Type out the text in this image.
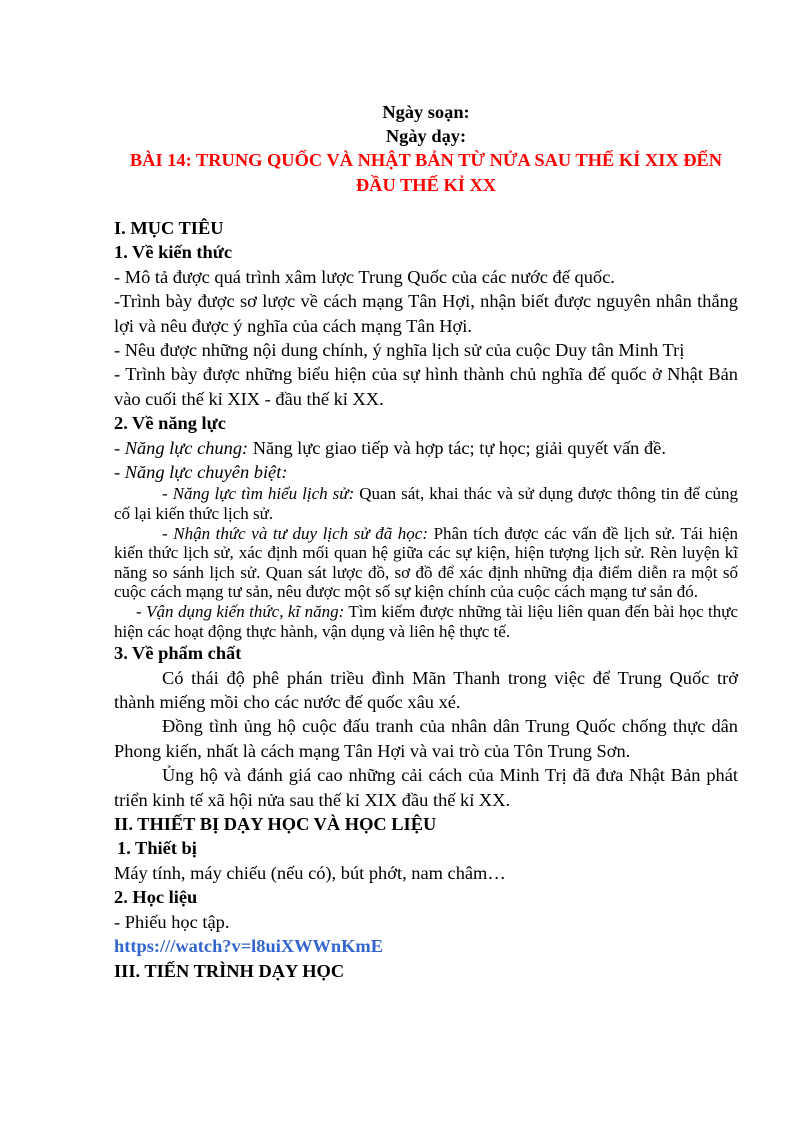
Ngày soạn:
Ngày dạy:
BÀI 14: TRUNG QUỐC VÀ NHẬT BẢN TỪ NỬA SAU THẾ KỈ XIX ĐẾN
ĐẦU THẾ KỈ XX

I. MỤC TIÊU

1. Về kiến thức

- Mô tả được quá trình xâm lược Trung Quốc của các nước đế quốc.

-Trình bày được sơ lược về cách mạng Tân Hợi, nhận biết được nguyên nhân thắng lợi và nêu được ý nghĩa của cách mạng Tân Hợi.

- Nêu được những nội dung chính, ý nghĩa lịch sử của cuộc Duy tân Minh Trị

- Trình bày được những biểu hiện của sự hình thành chủ nghĩa đế quốc ở Nhật Bản vào cuối thế kỉ XIX - đầu thế kỉ XX.

2. Về năng lực

- Năng lực chung: Năng lực giao tiếp và hợp tác; tự học; giải quyết vấn đề.

- Năng lực chuyên biệt:

- Năng lực tìm hiểu lịch sử: Quan sát, khai thác và sử dụng được thông tin để củng cố lại kiến thức lịch sử.

- Nhận thức và tư duy lịch sử đã học: Phân tích được các vấn đề lịch sử. Tái hiện kiến thức lịch sử, xác định mối quan hệ giữa các sự kiện, hiện tượng lịch sử. Rèn luyện kĩ năng so sánh lịch sử. Quan sát lược đồ, sơ đồ để xác định những địa điểm diễn ra một số cuộc cách mạng tư sản, nêu được một số sự kiện chính của cuộc cách mạng tư sản đó.

- Vận dụng kiến thức, kĩ năng: Tìm kiếm được những tài liệu liên quan đến bài học thực hiện các hoạt động thực hành, vận dụng và liên hệ thực tế.

3. Về phẩm chất

Có thái độ phê phán triều đình Mãn Thanh trong việc để Trung Quốc trở thành miếng mồi cho các nước đế quốc xâu xé.

Đồng tình ủng hộ cuộc đấu tranh của nhân dân Trung Quốc chống thực dân Phong kiến, nhất là cách mạng Tân Hợi và vai trò của Tôn Trung Sơn.

Ủng hộ và đánh giá cao những cải cách của Minh Trị đã đưa Nhật Bản phát triển kinh tế xã hội nửa sau thế kỉ XIX đầu thế kỉ XX.

II. THIẾT BỊ DẠY HỌC VÀ HỌC LIỆU

1. Thiết bị

Máy tính, máy chiếu (nếu có), bút phớt, nam châm…

2. Học liệu

- Phiếu học tập.

https:///watch?v=l8uiXWWnKmE

III. TIẾN TRÌNH DẠY HỌC
